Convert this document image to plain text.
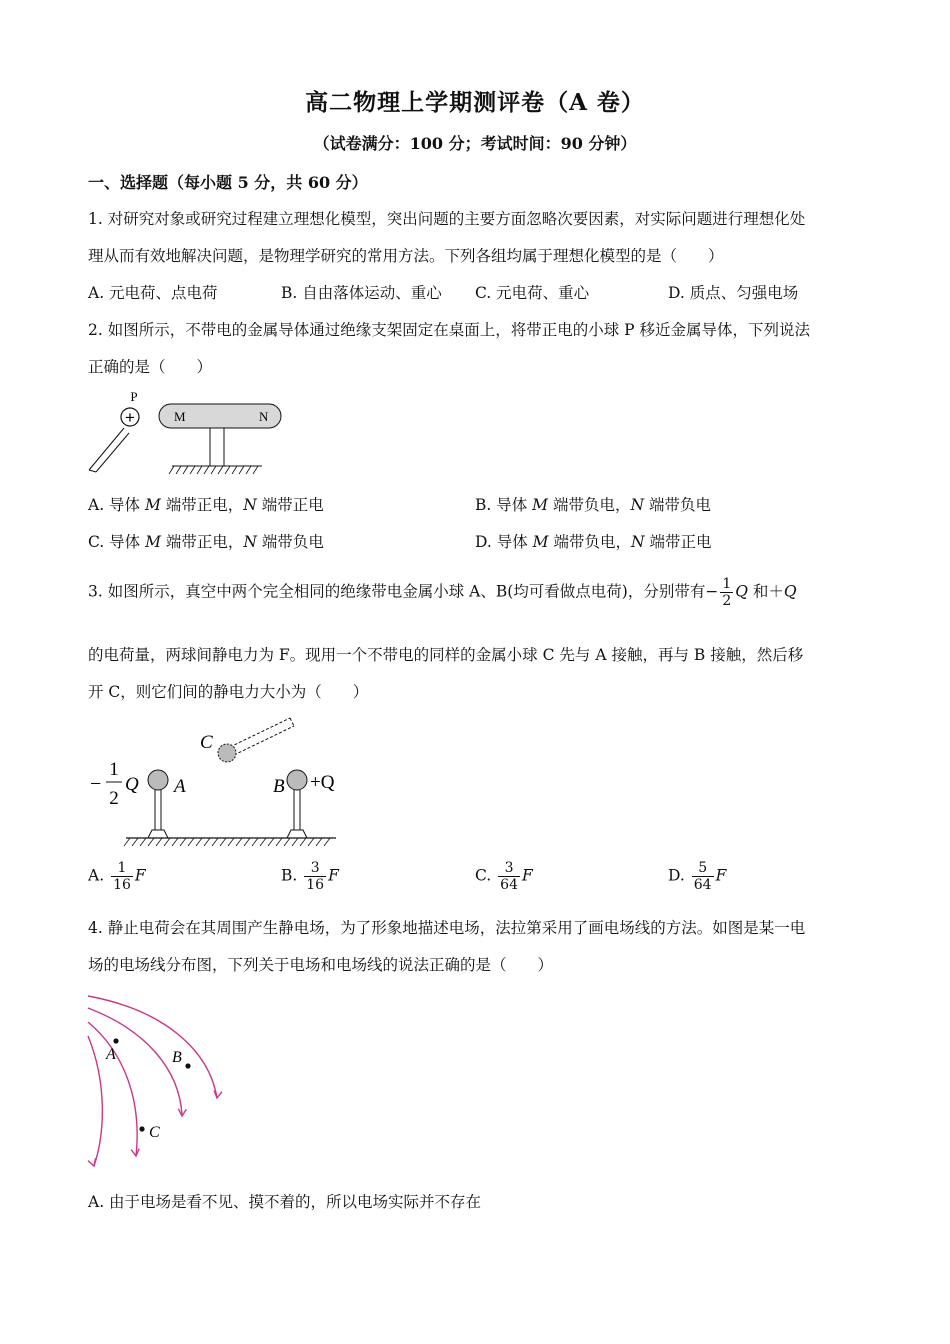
高二物理上学期测评卷（A 卷）
（试卷满分：100 分；考试时间：90 分钟）
一、选择题（每小题 5 分，共 60 分）
1. 对研究对象或研究过程建立理想化模型，突出问题的主要方面忽略次要因素，对实际问题进行理想化处
理从而有效地解决问题，是物理学研究的常用方法。下列各组均属于理想化模型的是（　　）
A. 元电荷、点电荷	B. 自由落体运动、重心 C. 元电荷、重心	D. 质点、匀强电场
2. 如图所示，不带电的金属导体通过绝缘支架固定在桌面上，将带正电的小球 P 移近金属导体，下列说法
正确的是（　　）
+
P
M	N
A. 导体 M 端带正电，N 端带正电	B. 导体 M 端带负电，N 端带负电
C. 导体 M 端带正电，N 端带负电	D. 导体 M 端带负电，N 端带正电
3. 如图所示，真空中两个完全相同的绝缘带电金属小球 A、B(均可看做点电荷)，分别带有− $\frac{1}{2}$ Q 和＋Q
的电荷量，两球间静电力为 F。现用一个不带电的同样的金属小球 C 先与 A 接触，再与 B 接触，然后移
开 C，则它们间的静电力大小为（　　）
C
−
1
2
Q A	B +Q
A. $\frac{1}{16}$ F	B. $\frac{3}{16}$ F	C. $\frac{3}{64}$ F	D. $\frac{5}{64}$ F
4. 静止电荷会在其周围产生静电场，为了形象地描述电场，法拉第采用了画电场线的方法。如图是某一电
场的电场线分布图，下列关于电场和电场线的说法正确的是（　　）
A	B
C
A. 由于电场是看不见、摸不着的，所以电场实际并不存在
